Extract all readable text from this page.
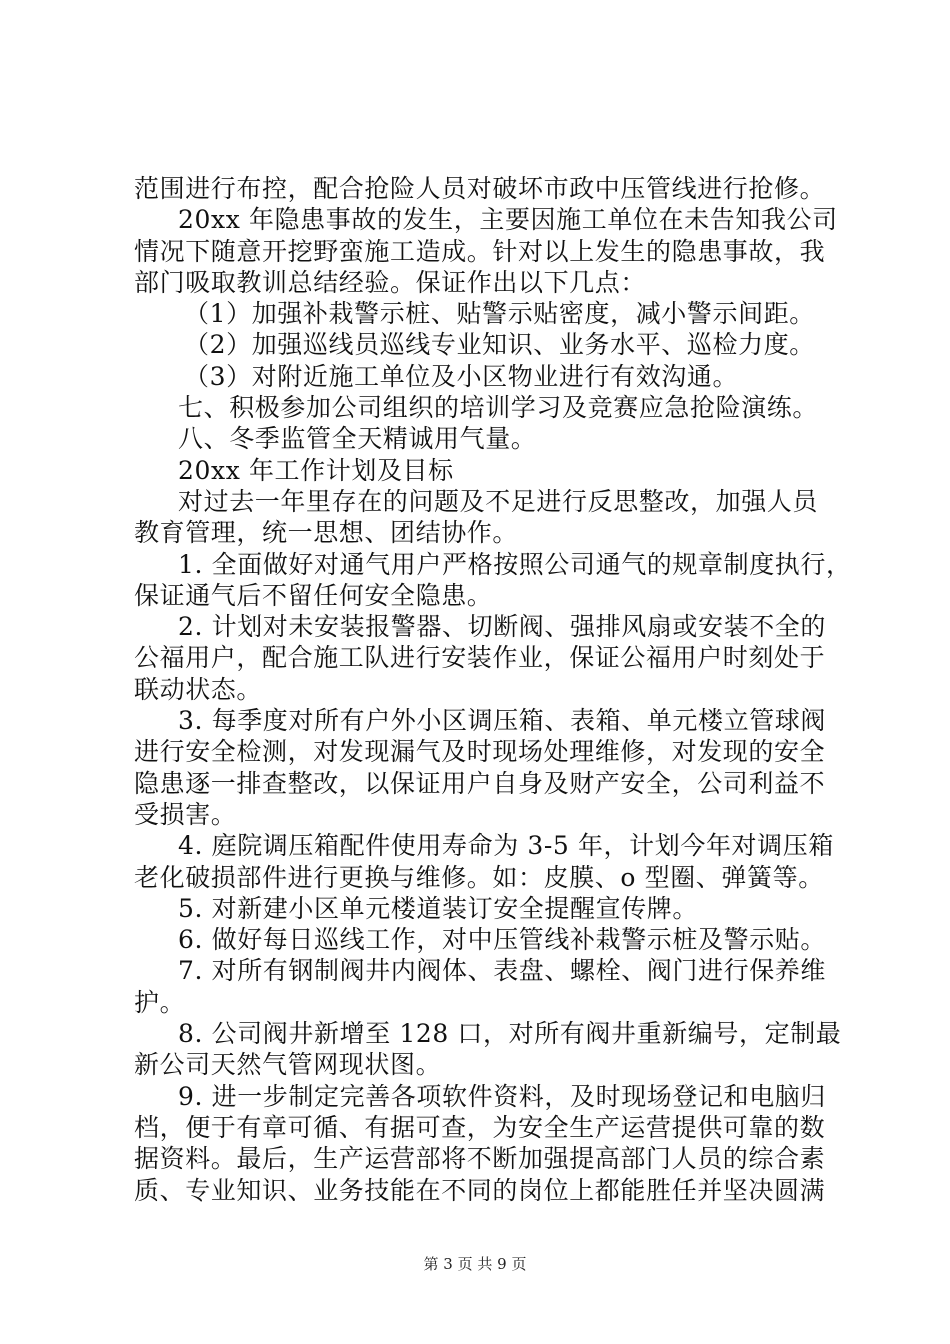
范围进行布控，配合抢险人员对破坏市政中压管线进行抢修。
20xx 年隐患事故的发生，主要因施工单位在未告知我公司
情况下随意开挖野蛮施工造成。针对以上发生的隐患事故，我
部门吸取教训总结经验。保证作出以下几点：
（1）加强补栽警示桩、贴警示贴密度，减小警示间距。
（2）加强巡线员巡线专业知识、业务水平、巡检力度。
（3）对附近施工单位及小区物业进行有效沟通。
七、积极参加公司组织的培训学习及竞赛应急抢险演练。
八、冬季监管全天精诚用气量。
20xx 年工作计划及目标
对过去一年里存在的问题及不足进行反思整改，加强人员
教育管理，统一思想、团结协作。
1. 全面做好对通气用户严格按照公司通气的规章制度执行，
保证通气后不留任何安全隐患。
2. 计划对未安装报警器、切断阀、强排风扇或安装不全的
公福用户，配合施工队进行安装作业，保证公福用户时刻处于
联动状态。
3. 每季度对所有户外小区调压箱、表箱、单元楼立管球阀
进行安全检测，对发现漏气及时现场处理维修，对发现的安全
隐患逐一排查整改，以保证用户自身及财产安全，公司利益不
受损害。
4. 庭院调压箱配件使用寿命为 3-5 年，计划今年对调压箱
老化破损部件进行更换与维修。如：皮膜、o 型圈、弹簧等。
5. 对新建小区单元楼道装订安全提醒宣传牌。
6. 做好每日巡线工作，对中压管线补栽警示桩及警示贴。
7. 对所有钢制阀井内阀体、表盘、螺栓、阀门进行保养维
护。
8. 公司阀井新增至 128 口，对所有阀井重新编号，定制最
新公司天然气管网现状图。
9. 进一步制定完善各项软件资料，及时现场登记和电脑归
档，便于有章可循、有据可查，为安全生产运营提供可靠的数
据资料。最后，生产运营部将不断加强提高部门人员的综合素
质、专业知识、业务技能在不同的岗位上都能胜任并坚决圆满
第 3 页 共 9 页
